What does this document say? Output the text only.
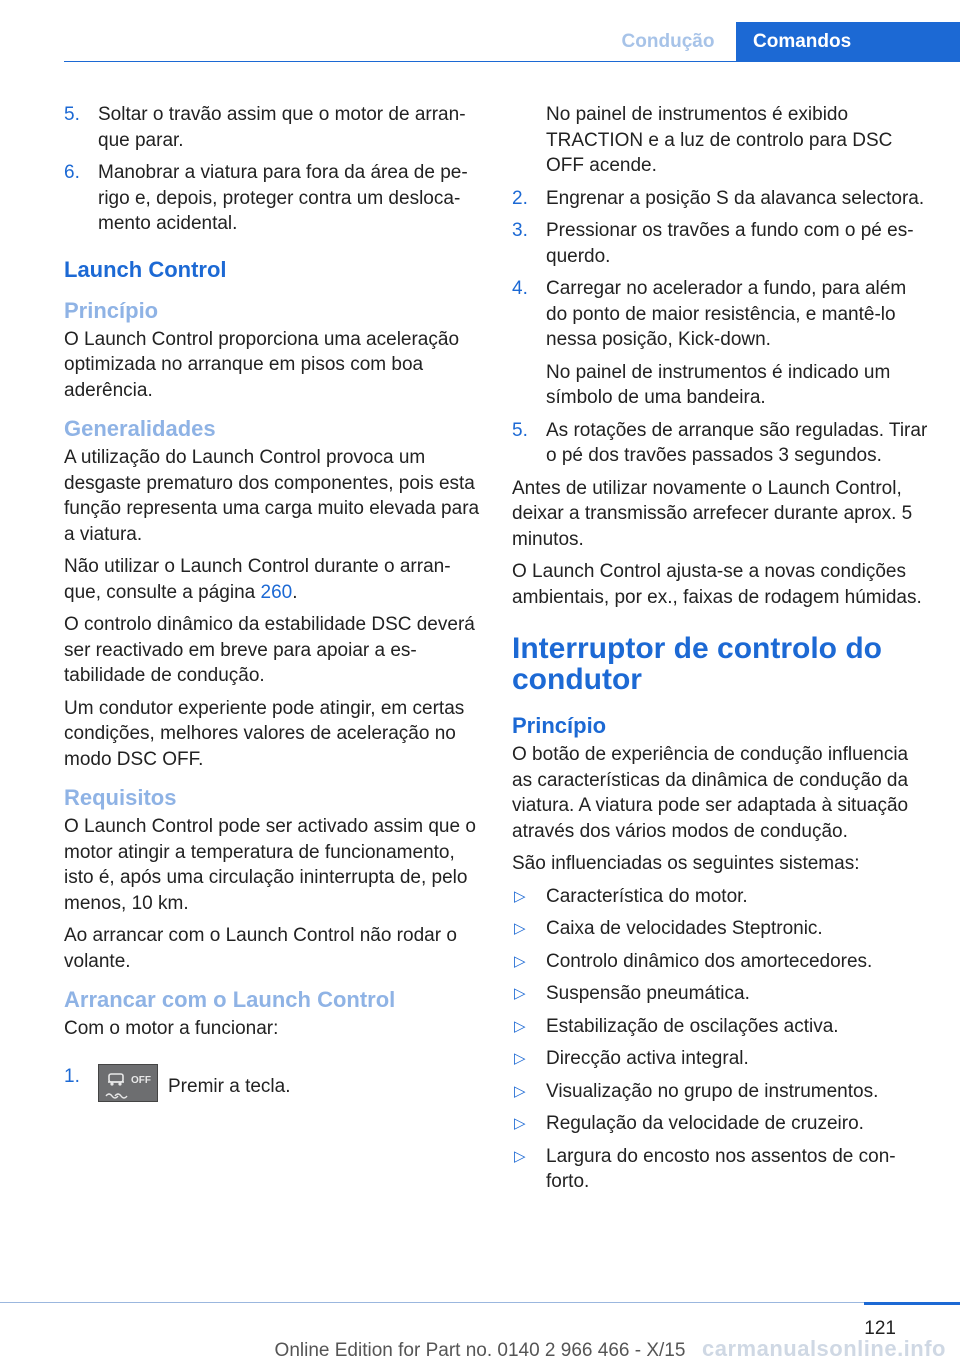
Condução	Comandos
5. Soltar o travão assim que o motor de arranque parar.
6. Manobrar a viatura para fora da área de perigo e, depois, proteger contra um deslocamento acidental.
Launch Control
Princípio

O Launch Control proporciona uma aceleração optimizada no arranque em pisos com boa aderência.

Generalidades

A utilização do Launch Control provoca um desgaste prematuro dos componentes, pois esta função representa uma carga muito elevada para a viatura.

Não utilizar o Launch Control durante o arranque, consulte a página 260.

O controlo dinâmico da estabilidade DSC deverá ser reactivado em breve para apoiar a estabilidade de condução.

Um condutor experiente pode atingir, em certas condições, melhores valores de aceleração no modo DSC OFF.

Requisitos

O Launch Control pode ser activado assim que o motor atingir a temperatura de funcionamento, isto é, após uma circulação ininterrupta de, pelo menos, 10 km.

Ao arrancar com o Launch Control não rodar o volante.

Arrancar com o Launch Control

Com o motor a funcionar:

1.	OFF Premir a tecla.

No painel de instrumentos é exibido TRACTION e a luz de controlo para DSC OFF acende.

2. Engrenar a posição S da alavanca selectora.
3. Pressionar os travões a fundo com o pé esquerdo.
4. Carregar no acelerador a fundo, para além do ponto de maior resistência, e mantê-lo nessa posição, Kick-down.

No painel de instrumentos é indicado um símbolo de uma bandeira.

5. As rotações de arranque são reguladas. Tirar o pé dos travões passados 3 segundos.

Antes de utilizar novamente o Launch Control, deixar a transmissão arrefecer durante aprox. 5 minutos.

O Launch Control ajusta-se a novas condições ambientais, por ex., faixas de rodagem húmidas.

Interruptor de controlo do condutor
Princípio

O botão de experiência de condução influencia as características da dinâmica de condução da viatura. A viatura pode ser adaptada à situação através dos vários modos de condução.

São influenciadas os seguintes sistemas:

▷ Característica do motor.
▷ Caixa de velocidades Steptronic.
▷ Controlo dinâmico dos amortecedores.
▷ Suspensão pneumática.
▷ Estabilização de oscilações activa.
▷ Direcção activa integral.
▷ Visualização no grupo de instrumentos.
▷ Regulação da velocidade de cruzeiro.
▷ Largura do encosto nos assentos de conforto.
121
Online Edition for Part no. 0140 2 966 466 - X/15 carmanualsonline.info
